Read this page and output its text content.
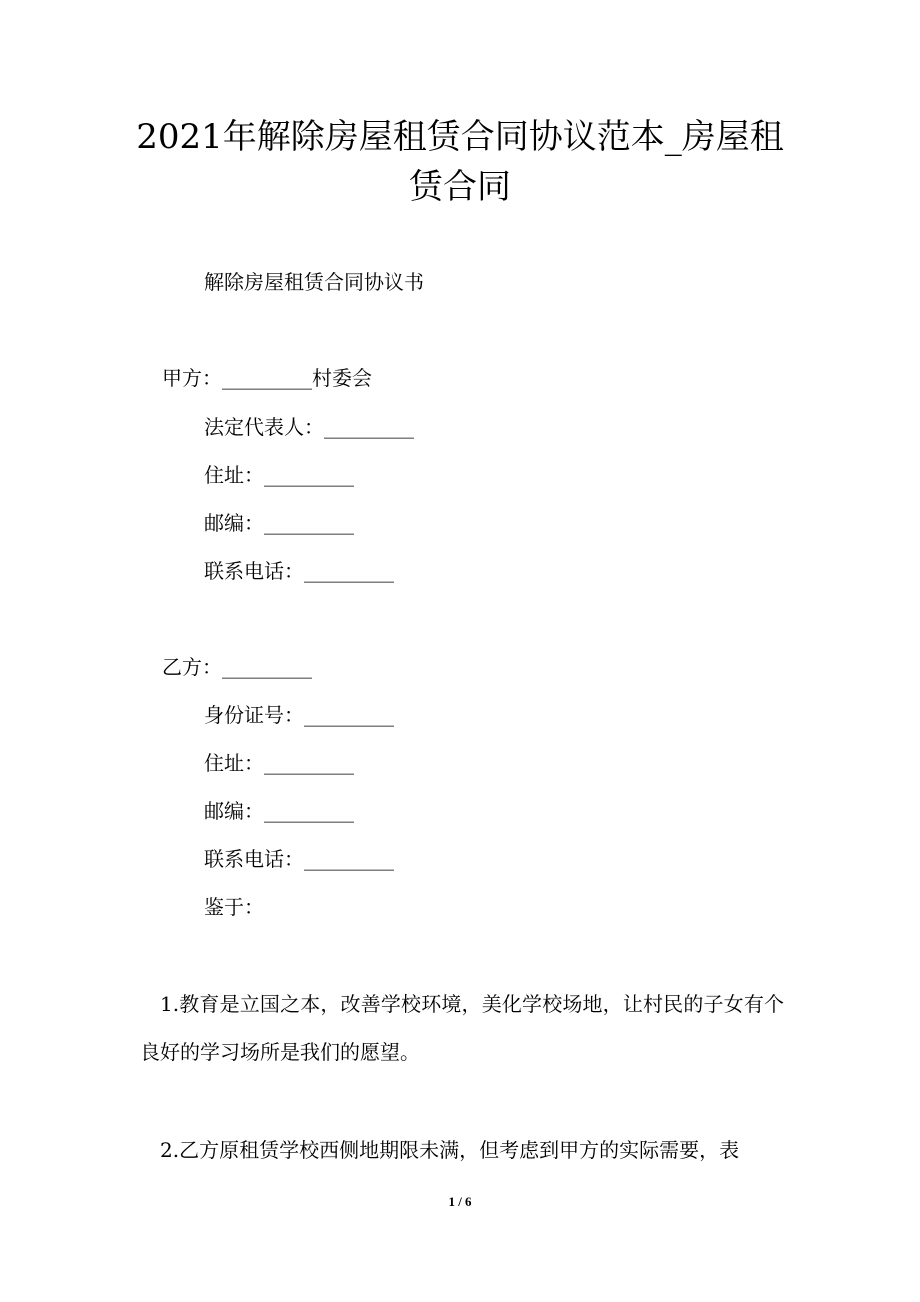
2021年解除房屋租赁合同协议范本_房屋租赁合同
解除房屋租赁合同协议书
甲方：_________村委会
法定代表人：_________
住址：_________
邮编：_________
联系电话：_________
乙方：_________
身份证号：_________
住址：_________
邮编：_________
联系电话：_________
鉴于：
1.教育是立国之本，改善学校环境，美化学校场地，让村民的子女有个良好的学习场所是我们的愿望。
2.乙方原租赁学校西侧地期限未满，但考虑到甲方的实际需要，表
1 / 6
